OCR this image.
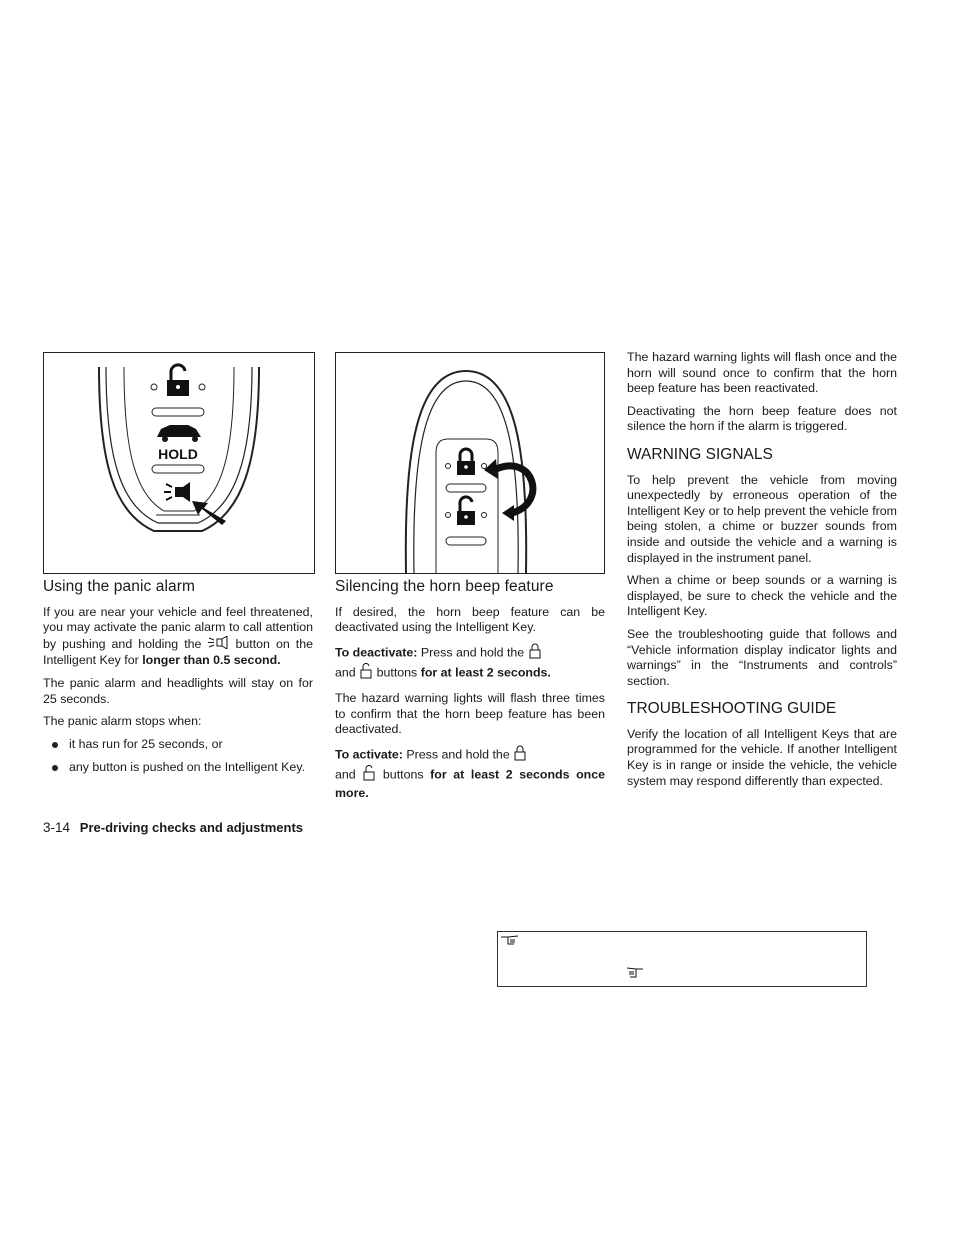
HOLD
Using the panic alarm

If you are near your vehicle and feel threatened, you may activate the panic alarm to call attention by pushing and holding the	button on the Intelligent Key for longer than 0.5 second.

The panic alarm and headlights will stay on for 25 seconds.

The panic alarm stops when:

it has run for 25 seconds, or
any button is pushed on the Intelligent Key.
Silencing the horn beep feature

If desired, the horn beep feature can be deactivated using the Intelligent Key.

To deactivate: Press and hold the
and buttons for at least 2 seconds.

The hazard warning lights will flash three times to confirm that the horn beep feature has been deactivated.

To activate: Press and hold the
and buttons for at least 2 seconds once more.

The hazard warning lights will flash once and the horn will sound once to confirm that the horn beep feature has been reactivated.

Deactivating the horn beep feature does not silence the horn if the alarm is triggered.

WARNING SIGNALS

To help prevent the vehicle from moving unexpectedly by erroneous operation of the Intelligent Key or to help prevent the vehicle from being stolen, a chime or buzzer sounds from inside and outside the vehicle and a warning is displayed in the instrument panel.

When a chime or beep sounds or a warning is displayed, be sure to check the vehicle and the Intelligent Key.

See the troubleshooting guide that follows and “Vehicle information display indicator lights and warnings” in the “Instruments and controls” section.

TROUBLESHOOTING GUIDE

Verify the location of all Intelligent Keys that are programmed for the vehicle. If another Intelligent Key is in range or inside the vehicle, the vehicle system may respond differently than expected.

3-14 Pre-driving checks and adjustments
